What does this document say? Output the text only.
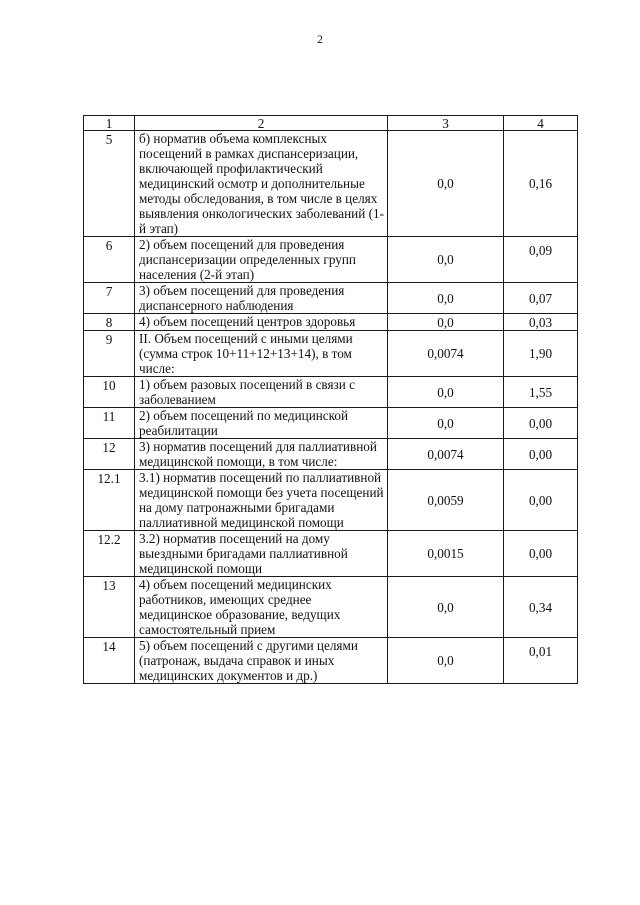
2
1	2	3	4
5	б) норматив объема комплексных посещений в рамках диспансеризации, включающей профилактический медицинский осмотр и дополнительные методы обследования, в том числе в целях выявления онкологических заболеваний (1-й этап)	0,0	0,16
6	2) объем посещений для проведения диспансеризации определенных групп населения (2-й этап)	0,0	0,09
7	3) объем посещений для проведения диспансерного наблюдения	0,0	0,07
8	4) объем посещений центров здоровья	0,0	0,03
9	II. Объем посещений с иными целями (сумма строк 10+11+12+13+14), в том числе:	0,0074	1,90
10	1) объем разовых посещений в связи с заболеванием	0,0	1,55
11	2) объем посещений по медицинской реабилитации	0,0	0,00
12	3) норматив посещений для паллиативной медицинской помощи, в том числе:	0,0074	0,00
12.1	3.1) норматив посещений по паллиативной медицинской помощи без учета посещений на дому патронажными бригадами паллиативной медицинской помощи	0,0059	0,00
12.2	3.2) норматив посещений на дому выездными бригадами паллиативной медицинской помощи	0,0015	0,00
13	4) объем посещений медицинских работников, имеющих среднее медицинское образование, ведущих самостоятельный прием	0,0	0,34
14	5) объем посещений с другими целями (патронаж, выдача справок и иных медицинских документов и др.)	0,0	0,01
